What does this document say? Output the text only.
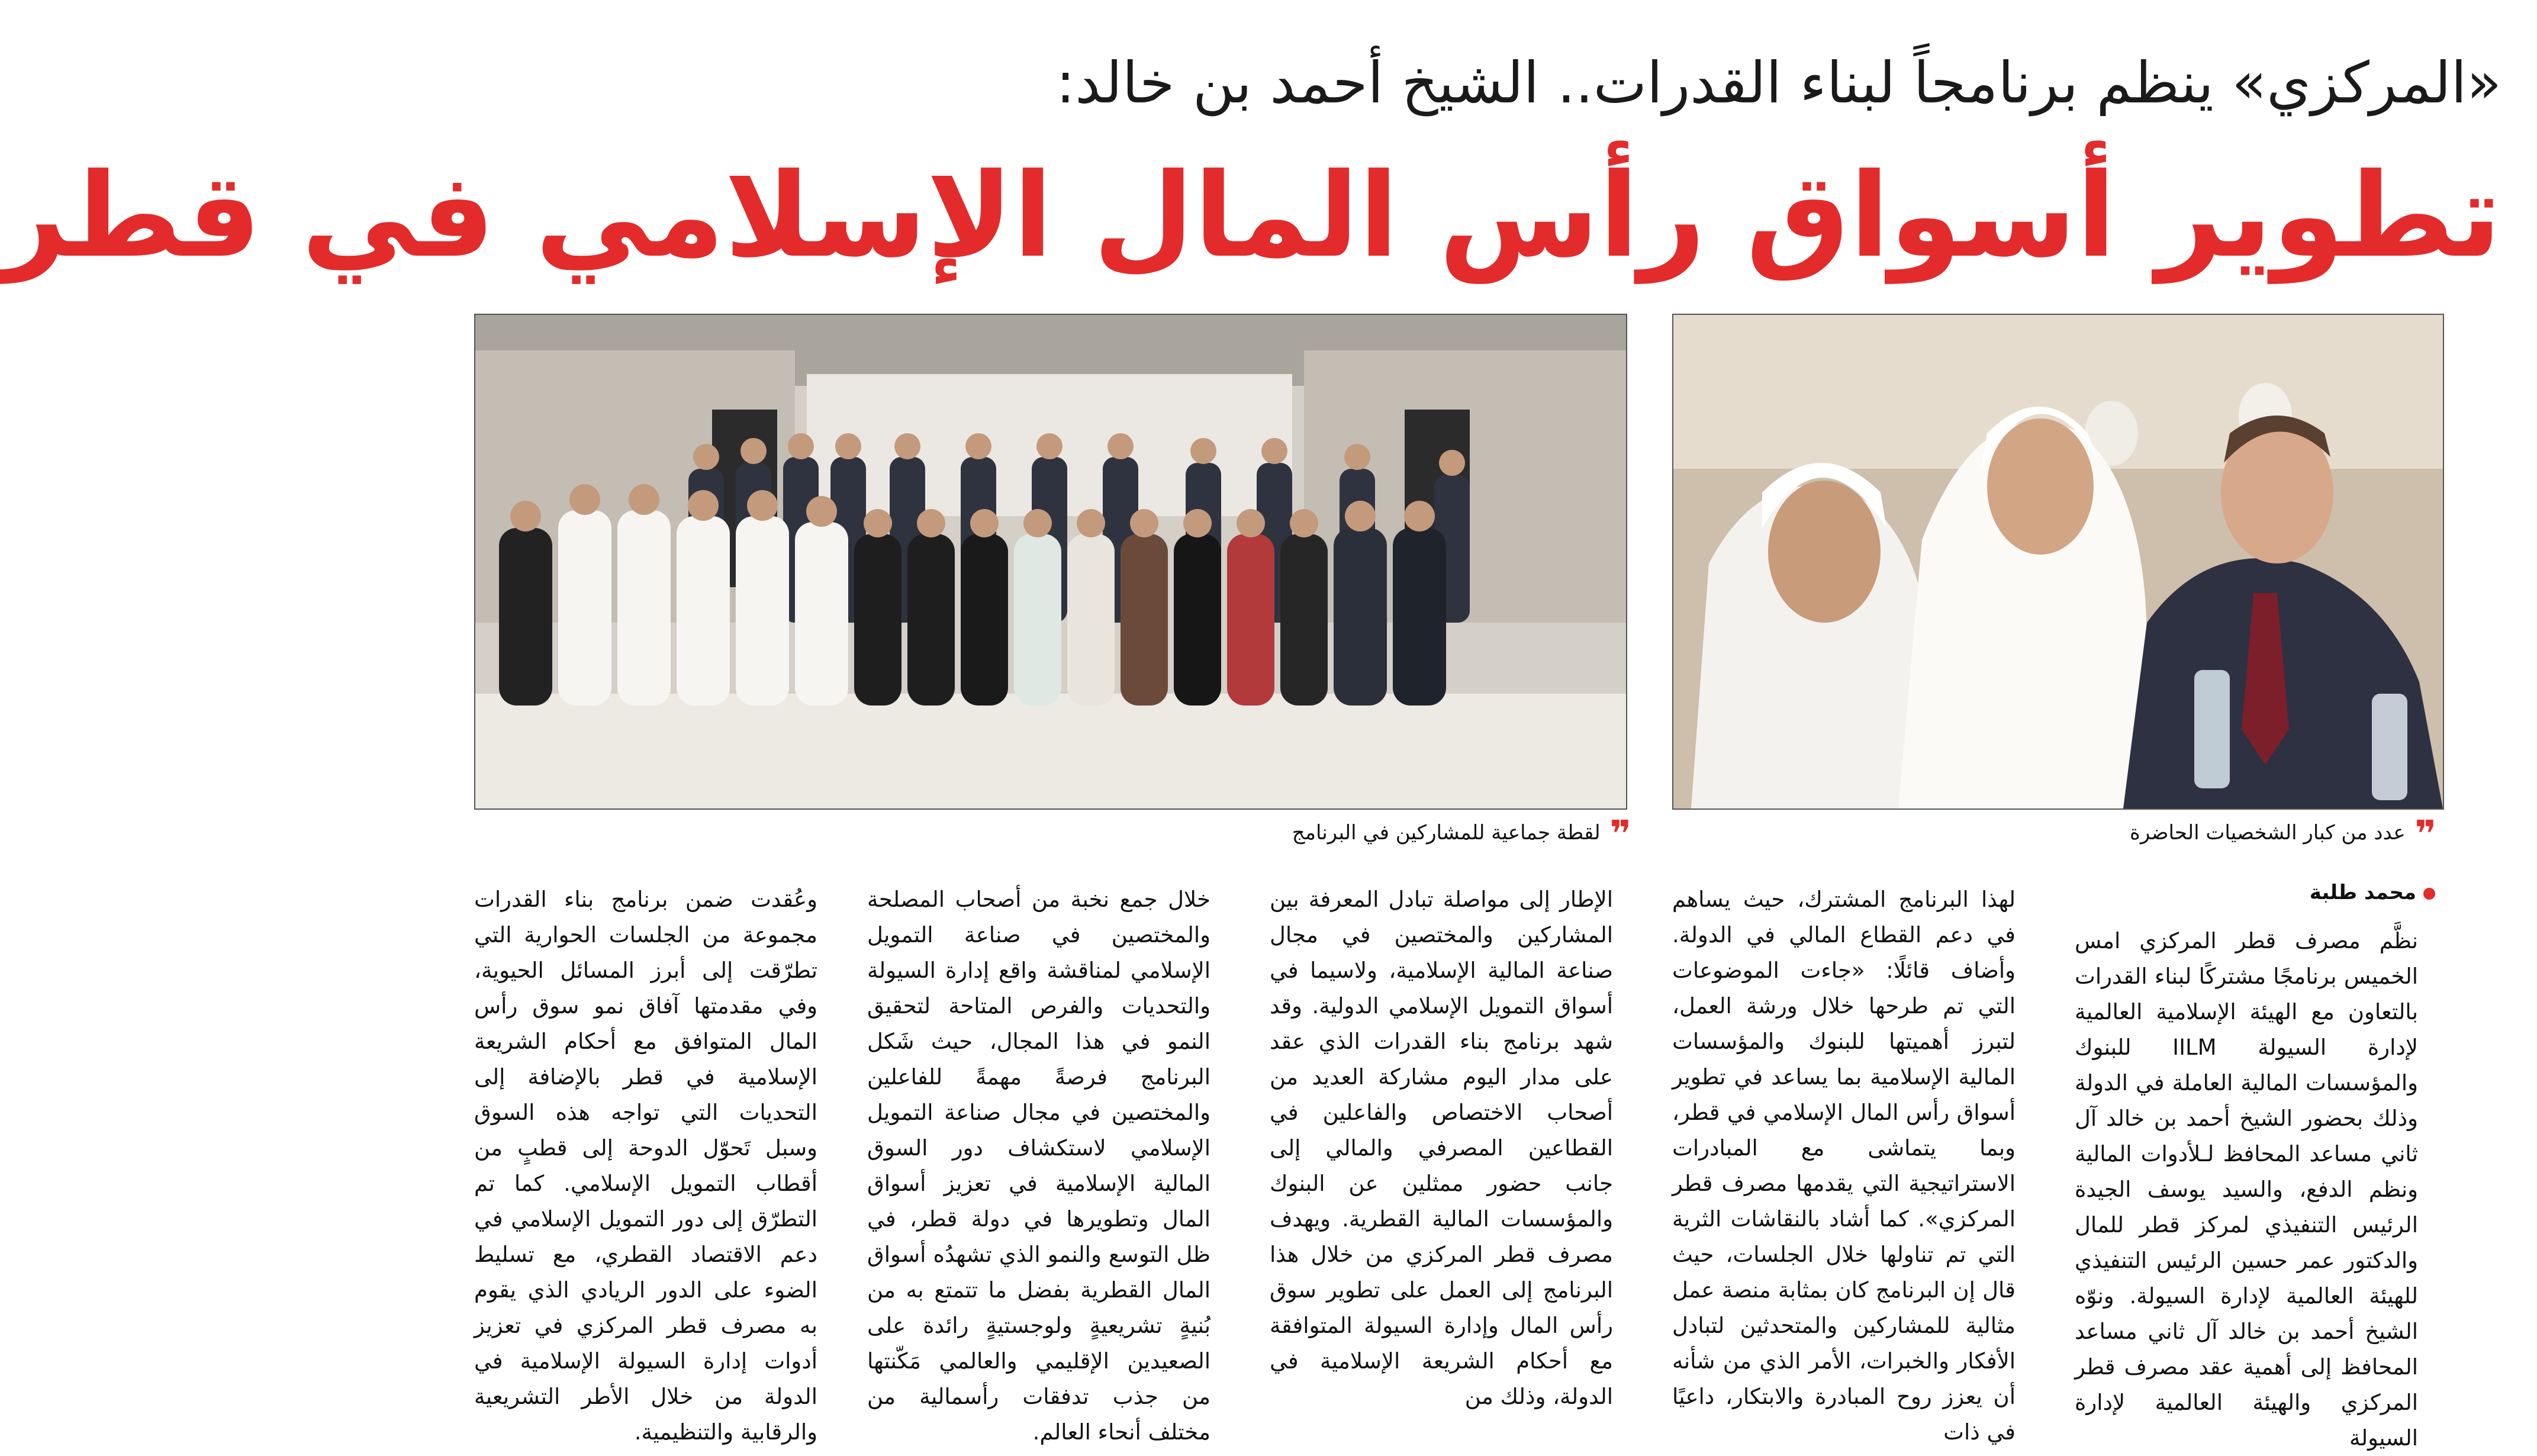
«المركزي» ينظم برنامجاً لبناء القدرات.. الشيخ أحمد بن خالد:
تطوير أسواق رأس المال الإسلامي في قطر
❞عدد من كبار الشخصيات الحاضرة
❞لقطة جماعية للمشاركين في البرنامج
محمد طلبة

نظَّم مصرف قطر المركزي امس الخميس برنامجًا مشتركًا لبناء القدرات بالتعاون مع الهيئة الإسلامية العالمية لإدارة السيولة IILM للبنوك والمؤسسات المالية العاملة في الدولة وذلك بحضور الشيخ أحمد بن خالد آل ثاني مساعد المحافظ لـلأدوات المالية ونظم الدفع، والسيد يوسف الجيدة الرئيس التنفيذي لمركز قطر للمال والدكتور عمر حسين الرئيس التنفيذي للهيئة العالمية لإدارة السيولة. ونوّه الشيخ أحمد بن خالد آل ثاني مساعد المحافظ إلى أهمية عقد مصرف قطر المركزي والهيئة العالمية لإدارة السيولة

لهذا البرنامج المشترك، حيث يساهم في دعم القطاع المالي في الدولة. وأضاف قائلًا: «جاءت الموضوعات التي تم طرحها خلال ورشة العمل، لتبرز أهميتها للبنوك والمؤسسات المالية الإسلامية بما يساعد في تطوير أسواق رأس المال الإسلامي في قطر، وبما يتماشى مع المبادرات الاستراتيجية التي يقدمها مصرف قطر المركزي». كما أشاد بالنقاشات الثرية التي تم تناولها خلال الجلسات، حيث قال إن البرنامج كان بمثابة منصة عمل مثالية للمشاركين والمتحدثين لتبادل الأفكار والخبرات، الأمر الذي من شأنه أن يعزز روح المبادرة والابتكار، داعيًا في ذات

الإطار إلى مواصلة تبادل المعرفة بين المشاركين والمختصين في مجال صناعة المالية الإسلامية، ولاسيما في أسواق التمويل الإسلامي الدولية. وقد شهد برنامج بناء القدرات الذي عقد على مدار اليوم مشاركة العديد من أصحاب الاختصاص والفاعلين في القطاعين المصرفي والمالي إلى جانب حضور ممثلين عن البنوك والمؤسسات المالية القطرية. ويهدف مصرف قطر المركزي من خلال هذا البرنامج إلى العمل على تطوير سوق رأس المال وإدارة السيولة المتوافقة مع أحكام الشريعة الإسلامية في الدولة، وذلك من

خلال جمع نخبة من أصحاب المصلحة والمختصين في صناعة التمويل الإسلامي لمناقشة واقع إدارة السيولة والتحديات والفرص المتاحة لتحقيق النمو في هذا المجال، حيث شَكل البرنامج فرصةً مهمةً للفاعلين والمختصين في مجال صناعة التمويل الإسلامي لاستكشاف دور السوق المالية الإسلامية في تعزيز أسواق المال وتطويرها في دولة قطر، في ظل التوسع والنمو الذي تشهدُه أسواق المال القطرية بفضل ما تتمتع به من بُنيةٍ تشريعيةٍ ولوجستيةٍ رائدة على الصعيدين الإقليمي والعالمي مَكّنتها من جذب تدفقات رأسمالية من مختلف أنحاء العالم.

وعُقدت ضمن برنامج بناء القدرات مجموعة من الجلسات الحوارية التي تطرّقت إلى أبرز المسائل الحيوية، وفي مقدمتها آفاق نمو سوق رأس المال المتوافق مع أحكام الشريعة الإسلامية في قطر بالإضافة إلى التحديات التي تواجه هذه السوق وسبل تَحوّل الدوحة إلى قطبٍ من أقطاب التمويل الإسلامي. كما تم التطرّق إلى دور التمويل الإسلامي في دعم الاقتصاد القطري، مع تسليط الضوء على الدور الريادي الذي يقوم به مصرف قطر المركزي في تعزيز أدوات إدارة السيولة الإسلامية في الدولة من خلال الأطر التشريعية والرقابية والتنظيمية.
